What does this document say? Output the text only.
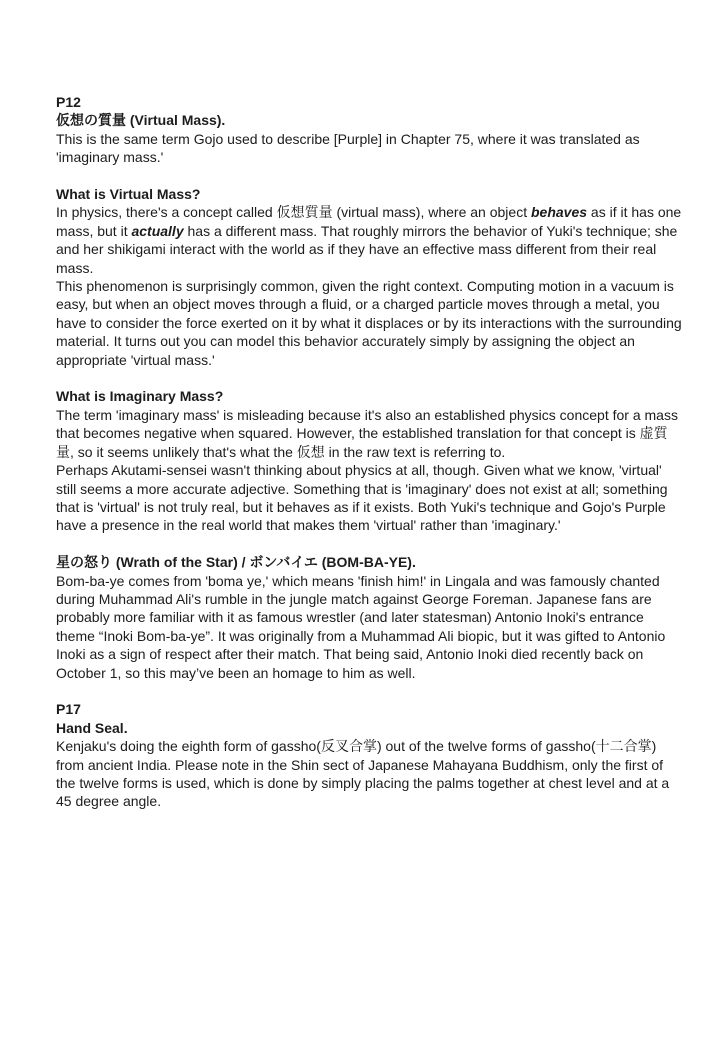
P12

仮想の質量 (Virtual Mass).

This is the same term Gojo used to describe [Purple] in Chapter 75, where it was translated as 'imaginary mass.'

What is Virtual Mass?

In physics, there's a concept called 仮想質量 (virtual mass), where an object behaves as if it has one mass, but it actually has a different mass. That roughly mirrors the behavior of Yuki's technique; she and her shikigami interact with the world as if they have an effective mass different from their real mass.

This phenomenon is surprisingly common, given the right context. Computing motion in a vacuum is easy, but when an object moves through a fluid, or a charged particle moves through a metal, you have to consider the force exerted on it by what it displaces or by its interactions with the surrounding material. It turns out you can model this behavior accurately simply by assigning the object an appropriate 'virtual mass.'

What is Imaginary Mass?

The term 'imaginary mass' is misleading because it's also an established physics concept for a mass that becomes negative when squared. However, the established translation for that concept is 虚質量, so it seems unlikely that's what the 仮想 in the raw text is referring to.

Perhaps Akutami-sensei wasn't thinking about physics at all, though. Given what we know, 'virtual' still seems a more accurate adjective. Something that is 'imaginary' does not exist at all; something that is 'virtual' is not truly real, but it behaves as if it exists. Both Yuki's technique and Gojo's Purple have a presence in the real world that makes them 'virtual' rather than 'imaginary.'

星の怒り (Wrath of the Star) / ボンバイエ (BOM-BA-YE).

Bom-ba-ye comes from 'boma ye,' which means 'finish him!' in Lingala and was famously chanted during Muhammad Ali's rumble in the jungle match against George Foreman. Japanese fans are probably more familiar with it as famous wrestler (and later statesman) Antonio Inoki's entrance theme “Inoki Bom-ba-ye”. It was originally from a Muhammad Ali biopic, but it was gifted to Antonio Inoki as a sign of respect after their match. That being said, Antonio Inoki died recently back on October 1, so this may’ve been an homage to him as well.

P17

Hand Seal.

Kenjaku's doing the eighth form of gassho(反叉合掌) out of the twelve forms of gassho(十二合掌) from ancient India. Please note in the Shin sect of Japanese Mahayana Buddhism, only the first of the twelve forms is used, which is done by simply placing the palms together at chest level and at a 45 degree angle.
